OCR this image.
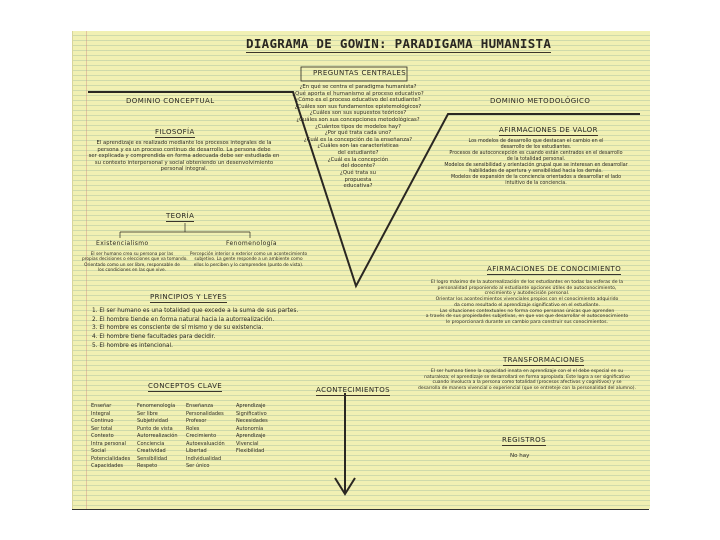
DIAGRAMA DE GOWIN: PARADIGAMA HUMANISTA
PREGUNTAS CENTRALES
¿En qué se centra el paradigma humanista?
¿Qué aporta el humanismo al proceso educativo?
¿Cómo es el proceso educativo del estudiante?
¿Cuáles son sus fundamentos epistemológicos?
¿Cuáles son sus supuestos teóricos?
¿Cuáles son sus concepciones metodológicas?
¿Cuántos tipos de modelos hay?
¿Por qué trata cada uno?
¿Cuál es la concepción de la enseñanza?
¿Cuáles son las características
del estudiante?
¿Cuál es la concepción
del docente?
¿Qué trata su
propuesta
educativa?
DOMINIO CONCEPTUAL	DOMINIO METODOLÓGICO
FILOSOFÍA
El aprendizaje es realizado mediante los procesos integrales de la
persona y es un proceso continuo de desarrollo. La persona debe
ser explicada y comprendida en forma adecuada debe ser estudiada en
su contexto interpersonal y social obteniendo un desenvolvimiento
personal integral.
TEORÍA
Existencialismo	Fenomenología
El ser humano crea su persona por las
propias decisiones o elecciones que va tomando.
Orientado como un ser libre, responsable de
los condiciones en las que vive.
Percepción interior o exterior como un acontecimiento
subjetivo. La gente responde a un ambiente como
ellos lo perciben y lo comprenden (punto de vista).
PRINCIPIOS Y LEYES
1. El ser humano es una totalidad que excede a la suma de sus partes.
2. El hombre tiende en forma natural hacia la autorrealización.
3. El hombre es consciente de sí mismo y de su existencia.
4. El hombre tiene facultades para decidir.
5. El hombre es intencional.
CONCEPTOS CLAVE
Enseñar
Integral
Continuo
Ser total
Contexto
Intra personal
Social
Potencialidades
Capacidades
Fenomenología
Ser libre
Subjetividad
Punto de vista
Autorrealización
Conciencia
Creatividad
Sensibilidad
Respeto
Enseñanza
Personalidades
Profesor
Roles
Crecimiento
Autoevaluación
Libertad
Individualidad
Ser único
Aprendizaje
Significativo
Necesidades
Autonomía
Aprendizaje
Vivencial
Flexibilidad
ACONTECIMIENTOS
AFIRMACIONES DE VALOR
Los modelos de desarrollo que destacan el cambio en el
desarrollo de los estudiantes.
Procesos de autoconcepción es cuando están centrados en el desarrollo
de la totalidad personal.
Modelos de sensibilidad y orientación grupal que se interesan en desarrollar
habilidades de apertura y sensibilidad hacia los demás.
Modelos de expansión de la conciencia orientados a desarrollar el lado
intuitivo de la conciencia.
AFIRMACIONES DE CONOCIMIENTO
El logro máximo de la autorrealización de los estudiantes en todas las esferas de la
personalidad proponiendo al estudiante opciones útiles de autoconocimiento,
crecimiento y autodecisión personal.
Orientar los acontecimientos vivenciales propios con el conocimiento adquirido
da como resultado el aprendizaje significativo en el estudiante.
Las situaciones contextuales no forma como personas únicas que aprenden
a través de sus propiedades subjetivas, en que vos que desarrollar el autoconocimiento
le proporcionará durante un cambio para construir sus conocimientos.
TRANSFORMACIONES
El ser humano tiene la capacidad innata en aprendizaje con el el debe especial en su
naturaleza; el aprendizaje se desarrollará en forma apropiada. Este logra a ser significativo
cuando involucra a la persona como totalidad (procesos afectivos y cognitivos) y se
desarrolla de manera vivencial o experiencial (que se entreteje con la personalidad del alumno).
REGISTROS
No hay
